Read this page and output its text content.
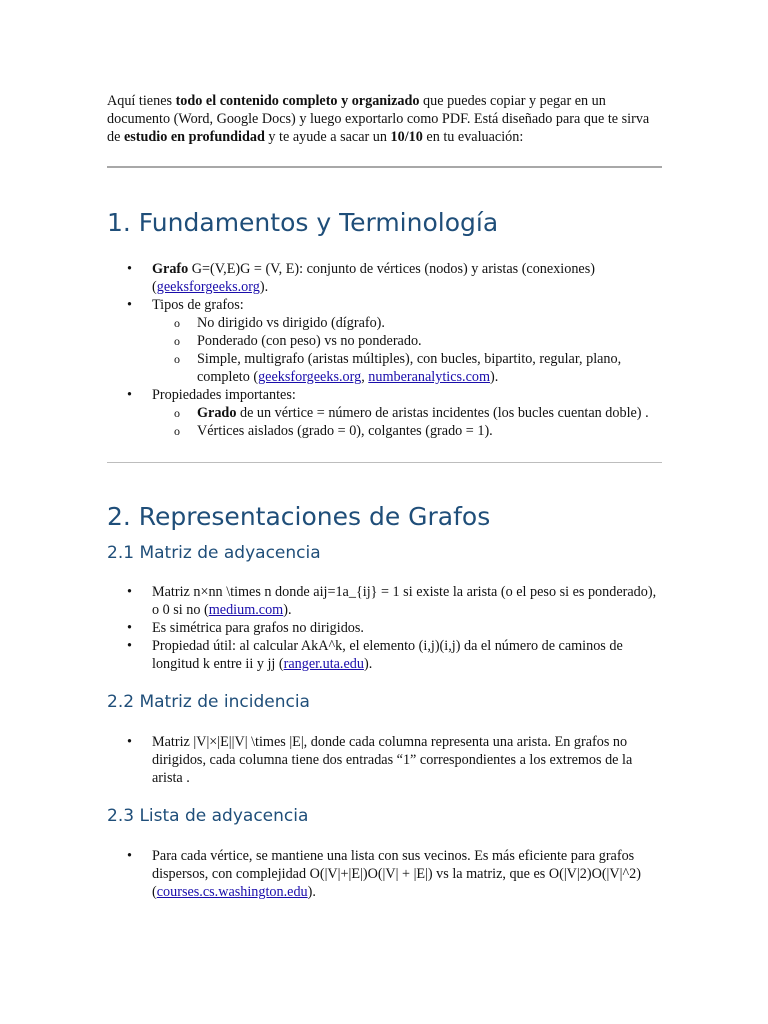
Aquí tienes todo el contenido completo y organizado que puedes copiar y pegar en un documento (Word, Google Docs) y luego exportarlo como PDF. Está diseñado para que te sirva de estudio en profundidad y te ayude a sacar un 10/10 en tu evaluación:

1. Fundamentos y Terminología
• Grafo G=(V,E)G = (V, E): conjunto de vértices (nodos) y aristas (conexiones) (geeksforgeeks.org).
• Tipos de grafos:
o No dirigido vs dirigido (dígrafo).
o Ponderado (con peso) vs no ponderado.
o Simple, multigrafo (aristas múltiples), con bucles, bipartito, regular, plano, completo (geeksforgeeks.org, numberanalytics.com).
• Propiedades importantes:
o Grado de un vértice = número de aristas incidentes (los bucles cuentan doble) .
o Vértices aislados (grado = 0), colgantes (grado = 1).
2. Representaciones de Grafos
2.1 Matriz de adyacencia
• Matriz n×nn \times n donde aij=1a_{ij} = 1 si existe la arista (o el peso si es ponderado), o 0 si no (medium.com).
• Es simétrica para grafos no dirigidos.
• Propiedad útil: al calcular AkA^k, el elemento (i,j)(i,j) da el número de caminos de longitud k entre ii y jj (ranger.uta.edu).
2.2 Matriz de incidencia
• Matriz |V|×|E||V| \times |E|, donde cada columna representa una arista. En grafos no dirigidos, cada columna tiene dos entradas “1” correspondientes a los extremos de la arista .
2.3 Lista de adyacencia
• Para cada vértice, se mantiene una lista con sus vecinos. Es más eficiente para grafos dispersos, con complejidad O(|V|+|E|)O(|V| + |E|) vs la matriz, que es O(|V|2)O(|V|^2) (courses.cs.washington.edu).
